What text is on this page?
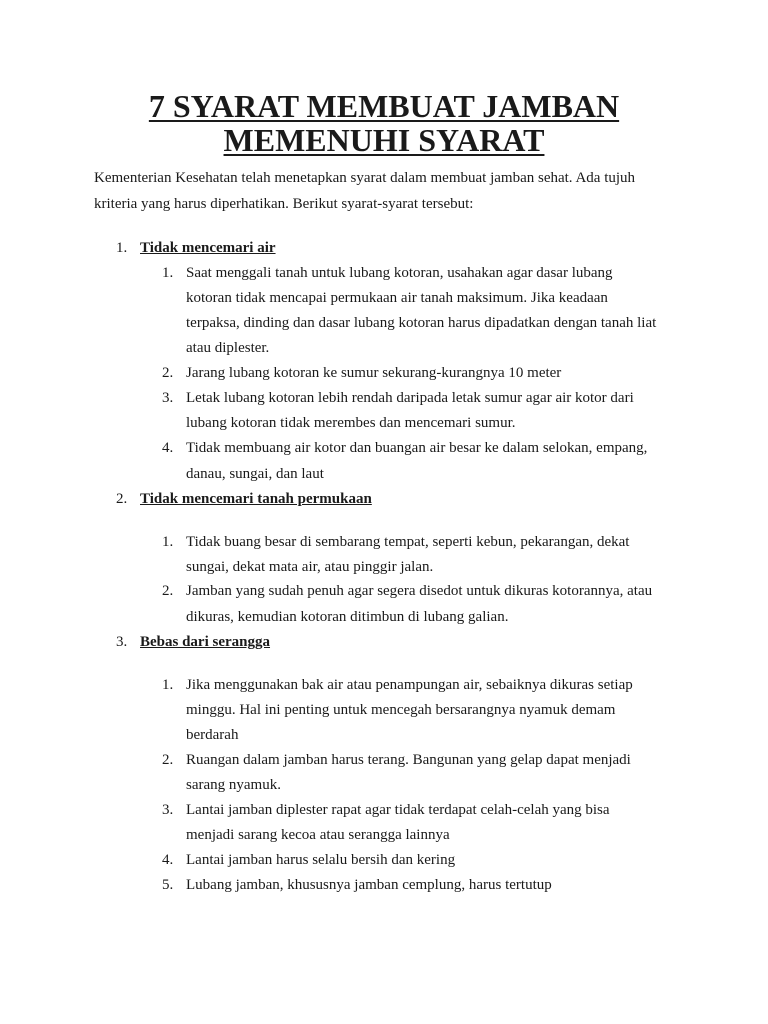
7 SYARAT MEMBUAT JAMBAN
MEMENUHI SYARAT
Kementerian Kesehatan telah menetapkan syarat dalam membuat jamban sehat. Ada tujuh
kriteria yang harus diperhatikan. Berikut syarat-syarat tersebut:
1. Tidak mencemari air
1. Saat menggali tanah untuk lubang kotoran, usahakan agar dasar lubang
kotoran tidak mencapai permukaan air tanah maksimum. Jika keadaan
terpaksa, dinding dan dasar lubang kotoran harus dipadatkan dengan tanah liat
atau diplester.
2. Jarang lubang kotoran ke sumur sekurang-kurangnya 10 meter
3. Letak lubang kotoran lebih rendah daripada letak sumur agar air kotor dari
lubang kotoran tidak merembes dan mencemari sumur.
4. Tidak membuang air kotor dan buangan air besar ke dalam selokan, empang,
danau, sungai, dan laut
2. Tidak mencemari tanah permukaan
1. Tidak buang besar di sembarang tempat, seperti kebun, pekarangan, dekat
sungai, dekat mata air, atau pinggir jalan.
2. Jamban yang sudah penuh agar segera disedot untuk dikuras kotorannya, atau
dikuras, kemudian kotoran ditimbun di lubang galian.
3. Bebas dari serangga
1. Jika menggunakan bak air atau penampungan air, sebaiknya dikuras setiap
minggu. Hal ini penting untuk mencegah bersarangnya nyamuk demam
berdarah
2. Ruangan dalam jamban harus terang. Bangunan yang gelap dapat menjadi
sarang nyamuk.
3. Lantai jamban diplester rapat agar tidak terdapat celah-celah yang bisa
menjadi sarang kecoa atau serangga lainnya
4. Lantai jamban harus selalu bersih dan kering
5. Lubang jamban, khususnya jamban cemplung, harus tertutup
